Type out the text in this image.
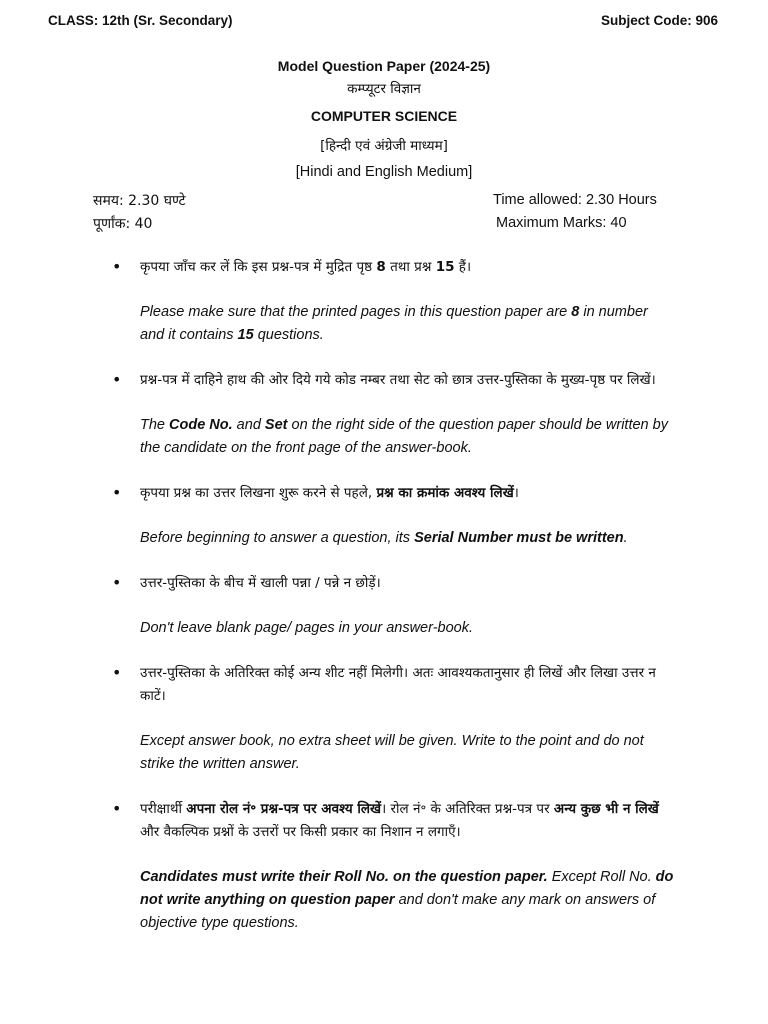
CLASS: 12th (Sr. Secondary)	Subject Code: 906
Model Question Paper (2024-25)
कम्प्यूटर विज्ञान
COMPUTER SCIENCE
[हिन्दी एवं अंग्रेजी माध्यम]
[Hindi and English Medium]
समय: 2.30 घण्टे
पूर्णांक: 40
Time allowed: 2.30 Hours
Maximum Marks: 40
• कृपया जाँच कर लें कि इस प्रश्न-पत्र में मुद्रित पृष्ठ 8 तथा प्रश्न 15 हैं।

Please make sure that the printed pages in this question paper are 8 in number and it contains 15 questions.

• प्रश्न-पत्र में दाहिने हाथ की ओर दिये गये कोड नम्बर तथा सेट को छात्र उत्तर-पुस्तिका के मुख्य-पृष्ठ पर लिखें।

The Code No. and Set on the right side of the question paper should be written by the candidate on the front page of the answer-book.

• कृपया प्रश्न का उत्तर लिखना शुरू करने से पहले, प्रश्न का क्रमांक अवश्य लिखें।

Before beginning to answer a question, its Serial Number must be written.

• उत्तर-पुस्तिका के बीच में खाली पन्ना / पन्ने न छोड़ें।

Don't leave blank page/ pages in your answer-book.

• उत्तर-पुस्तिका के अतिरिक्त कोई अन्य शीट नहीं मिलेगी। अतः आवश्यकतानुसार ही लिखें और लिखा उत्तर न काटें।

Except answer book, no extra sheet will be given. Write to the point and do not strike the written answer.

• परीक्षार्थी अपना रोल नं॰ प्रश्न-पत्र पर अवश्य लिखें। रोल नं॰ के अतिरिक्त प्रश्न-पत्र पर अन्य कुछ भी न लिखें और वैकल्पिक प्रश्नों के उत्तरों पर किसी प्रकार का निशान न लगाएँ।

Candidates must write their Roll No. on the question paper. Except Roll No. do not write anything on question paper and don't make any mark on answers of objective type questions.
